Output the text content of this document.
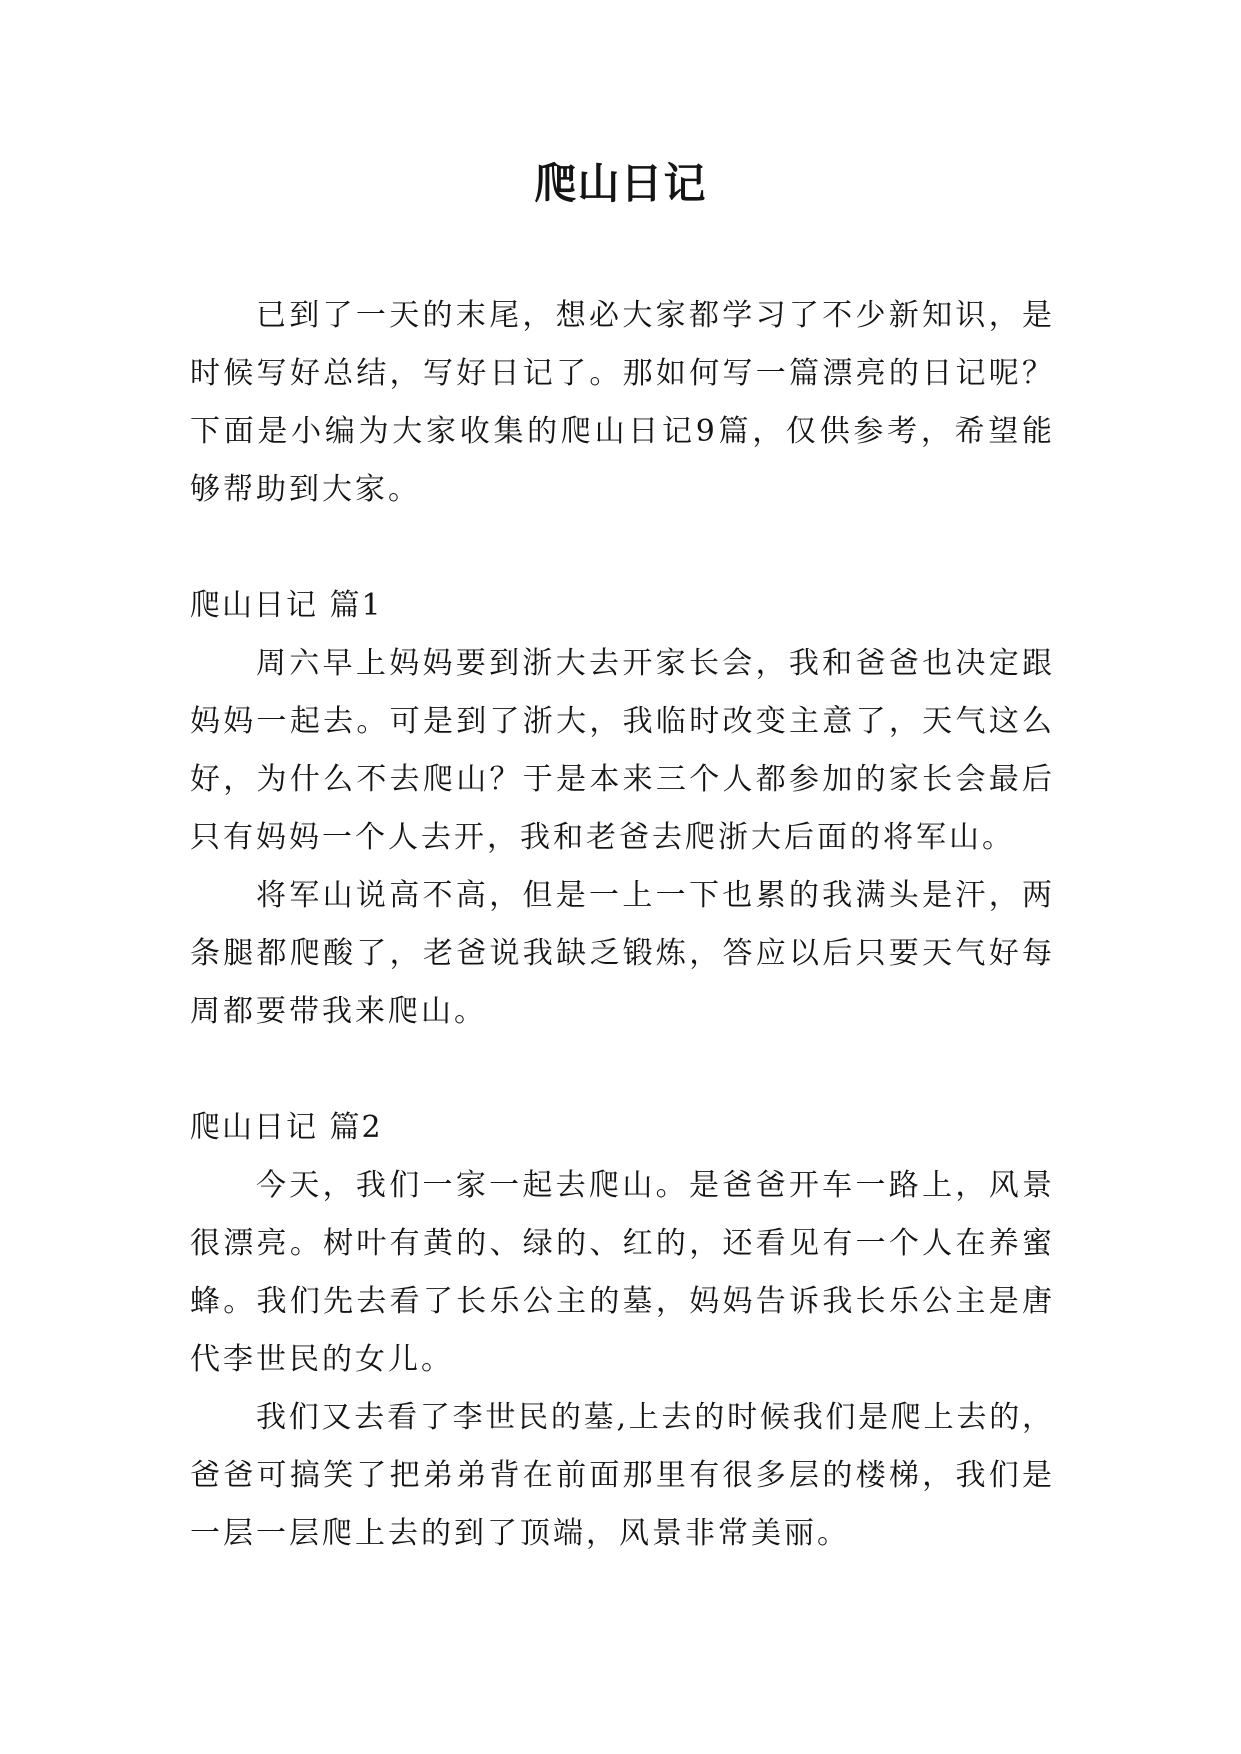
爬山日记
已到了一天的末尾，想必大家都学习了不少新知识，是
时候写好总结，写好日记了。那如何写一篇漂亮的日记呢？
下面是小编为大家收集的爬山日记9篇，仅供参考，希望能
够帮助到大家。
爬山日记 篇1
周六早上妈妈要到浙大去开家长会，我和爸爸也决定跟
妈妈一起去。可是到了浙大，我临时改变主意了，天气这么
好，为什么不去爬山？于是本来三个人都参加的家长会最后
只有妈妈一个人去开，我和老爸去爬浙大后面的将军山。
将军山说高不高，但是一上一下也累的我满头是汗，两
条腿都爬酸了，老爸说我缺乏锻炼，答应以后只要天气好每
周都要带我来爬山。
爬山日记 篇2
今天，我们一家一起去爬山。是爸爸开车一路上，风景
很漂亮。树叶有黄的、绿的、红的，还看见有一个人在养蜜
蜂。我们先去看了长乐公主的墓，妈妈告诉我长乐公主是唐
代李世民的女儿。
我们又去看了李世民的墓,上去的时候我们是爬上去的，
爸爸可搞笑了把弟弟背在前面那里有很多层的楼梯，我们是
一层一层爬上去的到了顶端，风景非常美丽。
